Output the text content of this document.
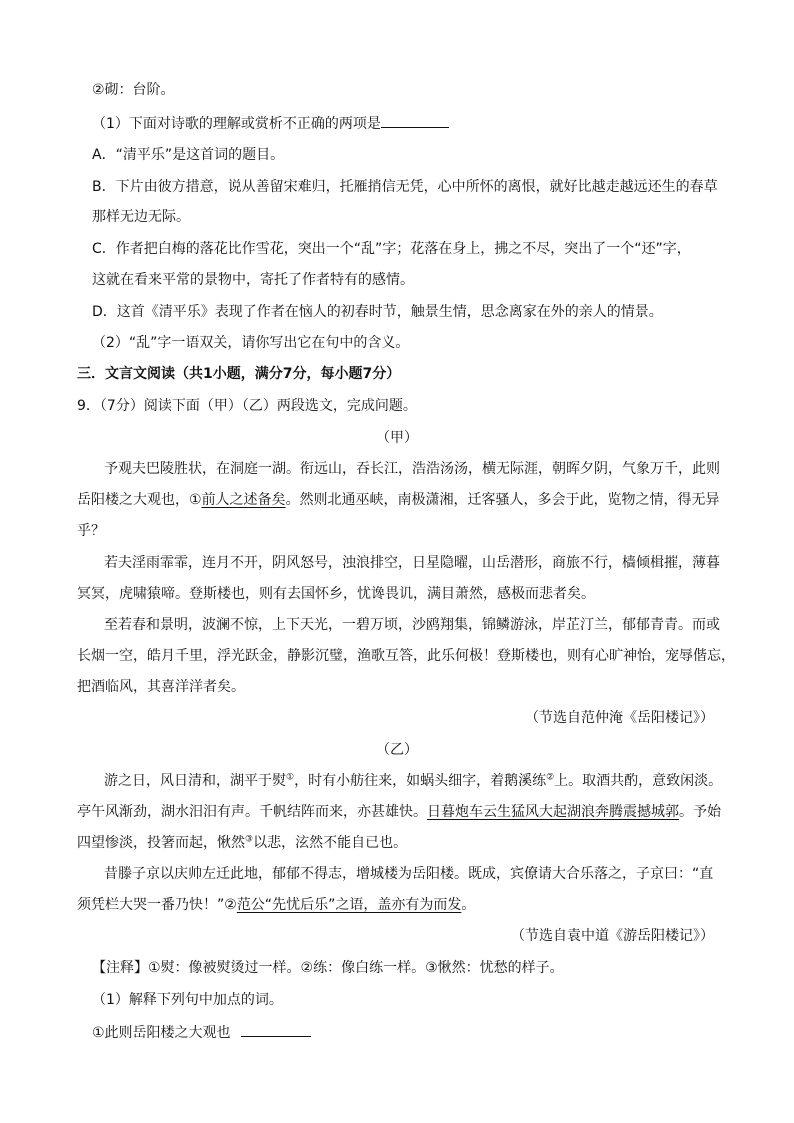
②砌：台阶。
（1）下面对诗歌的理解或赏析不正确的两项是
A．“清平乐”是这首词的题目。
B．下片由彼方措意，说从善留宋难归，托雁捎信无凭，心中所怀的离恨，就好比越走越远还生的春草
那样无边无际。
C．作者把白梅的落花比作雪花，突出一个“乱”字；花落在身上，拂之不尽，突出了一个“还”字，
这就在看来平常的景物中，寄托了作者特有的感情。
D．这首《清平乐》表现了作者在恼人的初春时节，触景生情，思念离家在外的亲人的情景。
（2）“乱”字一语双关，请你写出它在句中的含义。
三．文言文阅读（共1小题，满分7分，每小题7分）
9．（7分）阅读下面（甲）（乙）两段选文，完成问题。
（甲）
予观夫巴陵胜状，在洞庭一湖。衔远山，吞长江，浩浩汤汤，横无际涯，朝晖夕阴，气象万千，此则
岳阳楼之大观也，①前人之述备矣。然则北通巫峡，南极潇湘，迁客骚人，多会于此，览物之情，得无异
乎？
若夫淫雨霏霏，连月不开，阴风怒号，浊浪排空，日星隐曜，山岳潜形，商旅不行，樯倾楫摧，薄暮
冥冥，虎啸猿啼。登斯楼也，则有去国怀乡，忧谗畏讥，满目萧然，感极而悲者矣。
至若春和景明，波澜不惊，上下天光，一碧万顷，沙鸥翔集，锦鳞游泳，岸芷汀兰，郁郁青青。而或
长烟一空，皓月千里，浮光跃金，静影沉璧，渔歌互答，此乐何极！登斯楼也，则有心旷神怡，宠辱偕忘，
把酒临风，其喜洋洋者矣。
（节选自范仲淹《岳阳楼记》）
（乙）
游之日，风日清和，湖平于熨①，时有小舫往来，如蜗头细字，着鹅溪练②上。取酒共酌，意致闲淡。
亭午风渐劲，湖水汨汨有声。千帆结阵而来，亦甚雄快。日暮炮车云生猛风大起湖浪奔腾震撼城郭。予始
四望惨淡，投箸而起，愀然③以悲，泫然不能自已也。
昔滕子京以庆帅左迁此地，郁郁不得志，增城楼为岳阳楼。既成，宾僚请大合乐落之，子京曰：“直
须凭栏大哭一番乃快！”②范公“先忧后乐”之语，盖亦有为而发。
（节选自袁中道《游岳阳楼记》）
【注释】①熨：像被熨烫过一样。②练：像白练一样。③愀然：忧愁的样子。
（1）解释下列句中加点的词。
①此则岳阳楼之大观也
